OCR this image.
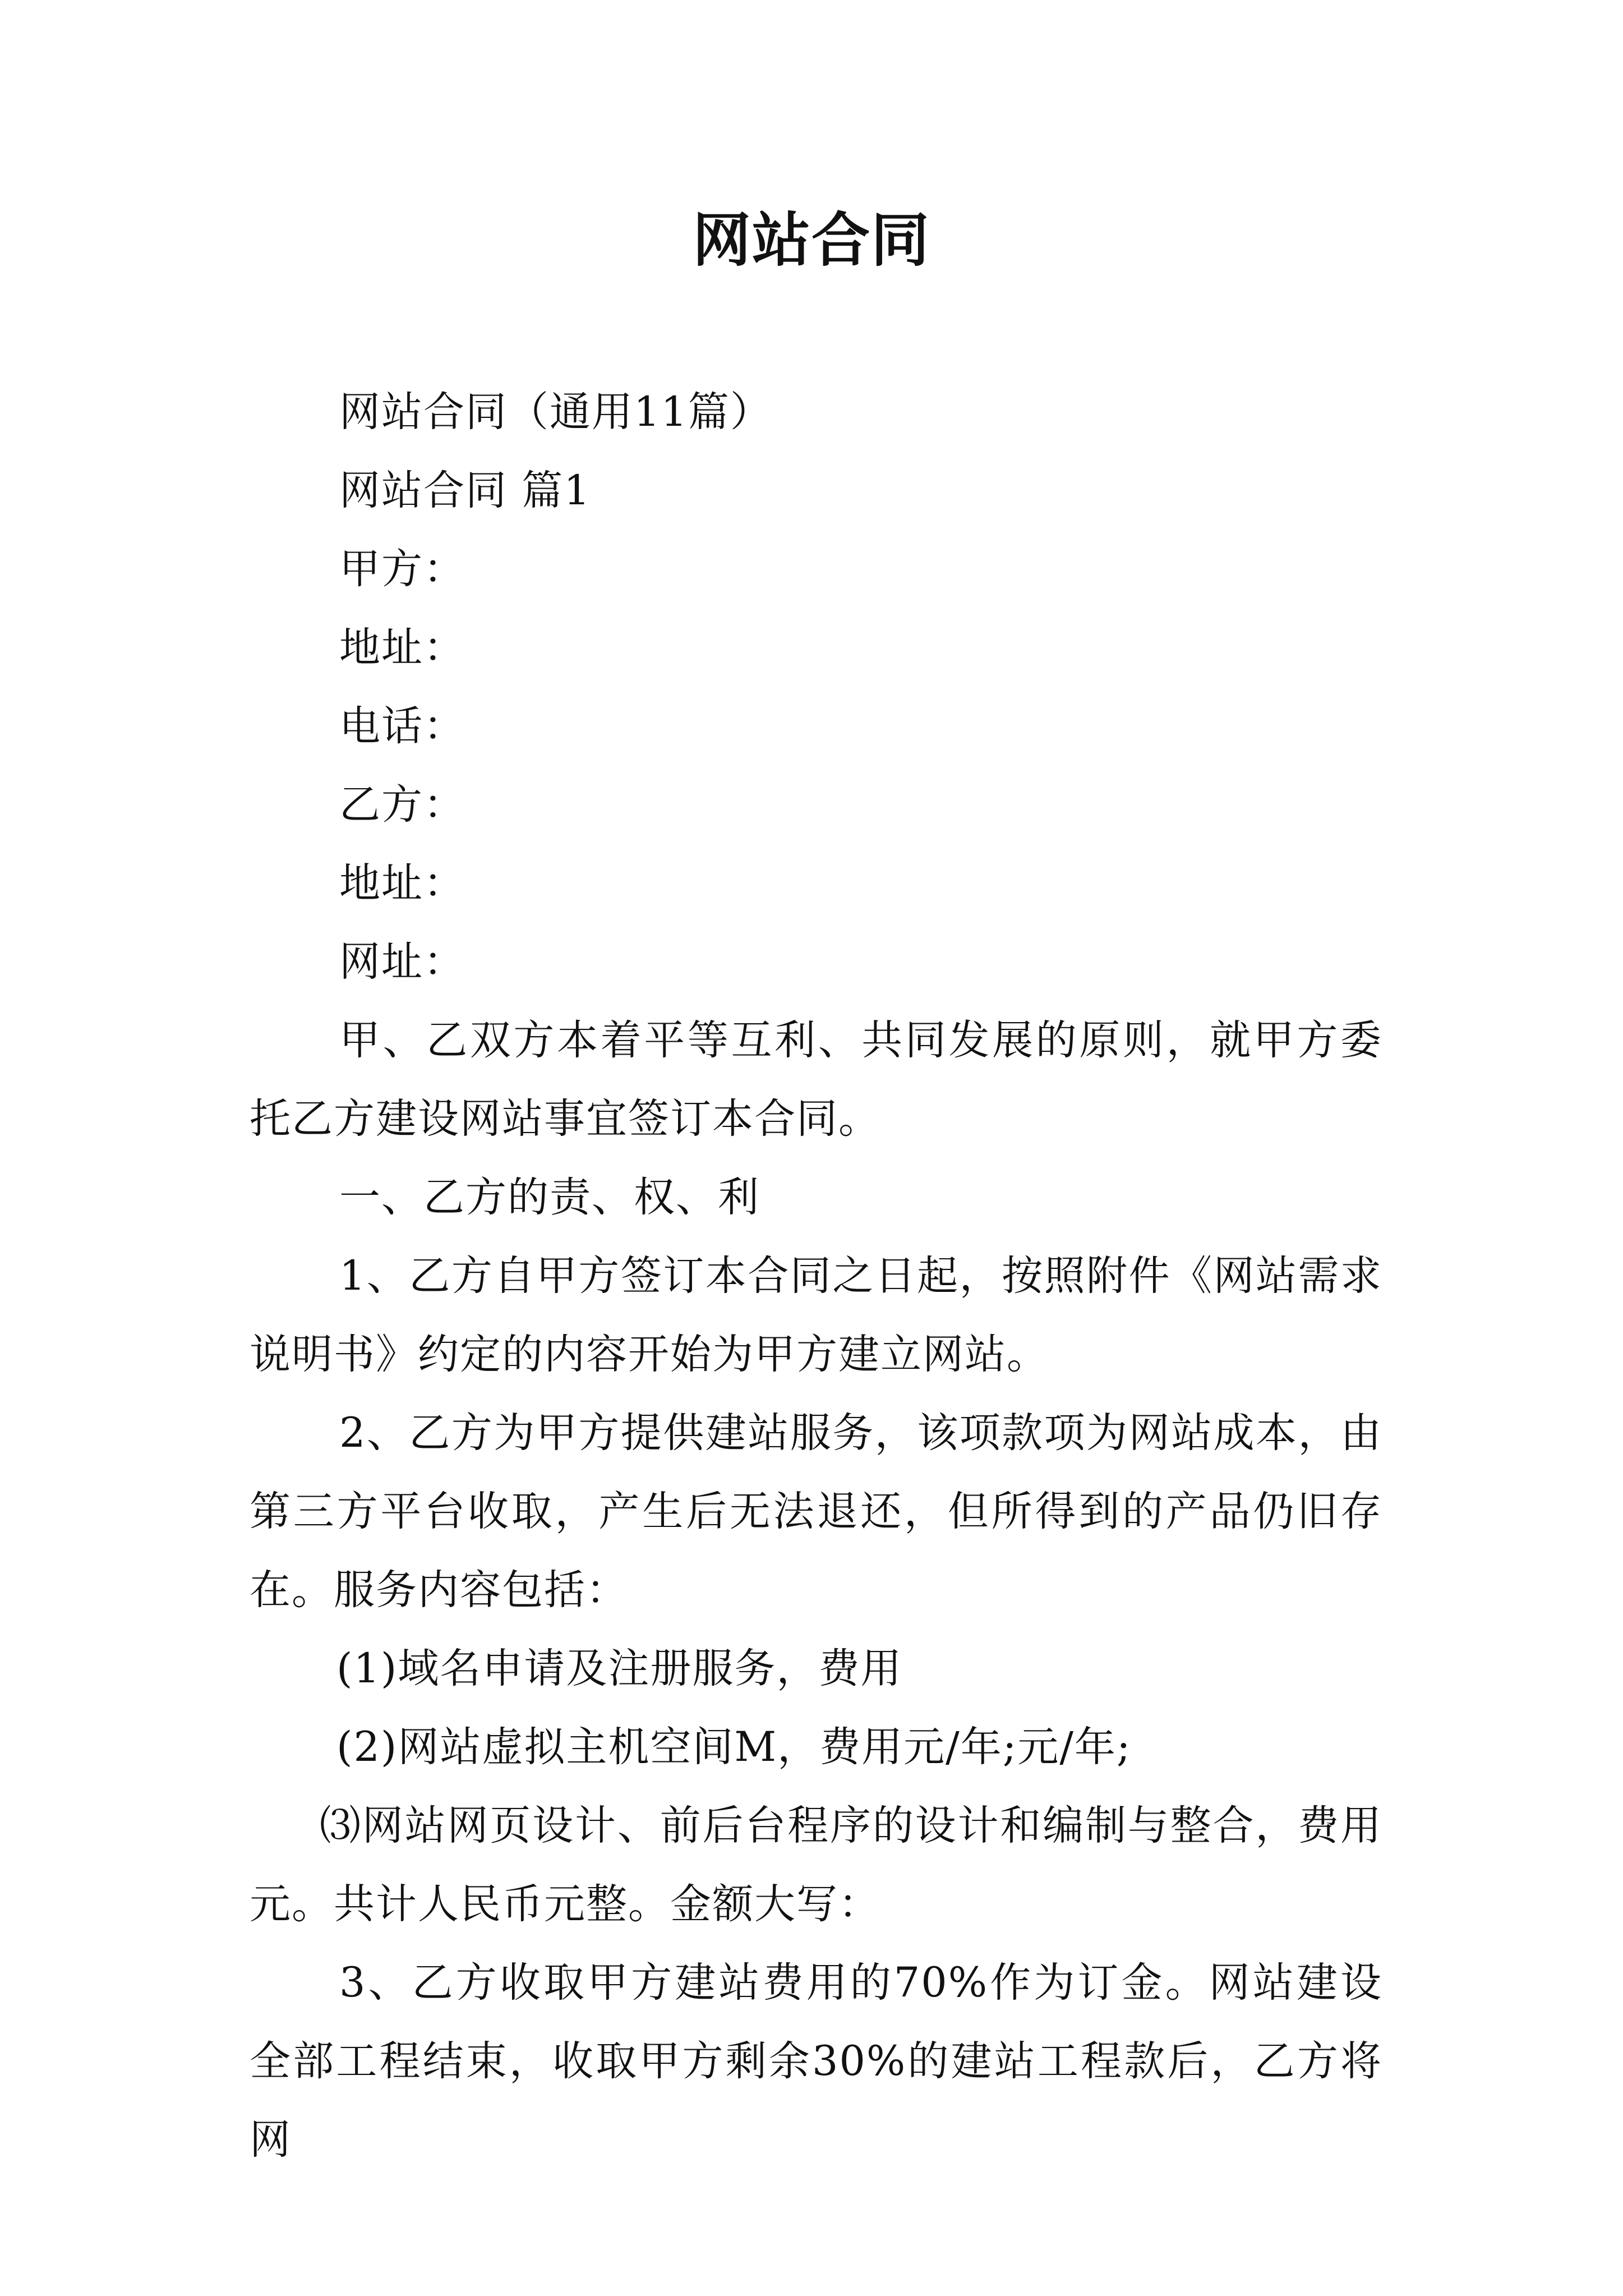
网站合同

网站合同（通用11篇）

网站合同 篇1

甲方：

地址：

电话：

乙方：

地址：

网址：

甲、乙双方本着平等互利、共同发展的原则，就甲方委托乙方建设网站事宜签订本合同。

一、乙方的责、权、利

1、乙方自甲方签订本合同之日起，按照附件《网站需求说明书》约定的内容开始为甲方建立网站。

2、乙方为甲方提供建站服务，该项款项为网站成本，由第三方平台收取，产生后无法退还，但所得到的产品仍旧存在。服务内容包括：

(1)域名申请及注册服务，费用

(2)网站虚拟主机空间M，费用元/年;元/年;

⑶网站网页设计、前后台程序的设计和编制与整合，费用元。共计人民币元整。金额大写：

3、乙方收取甲方建站费用的70%作为订金。网站建设全部工程结束，收取甲方剩余30%的建站工程款后，乙方将网
